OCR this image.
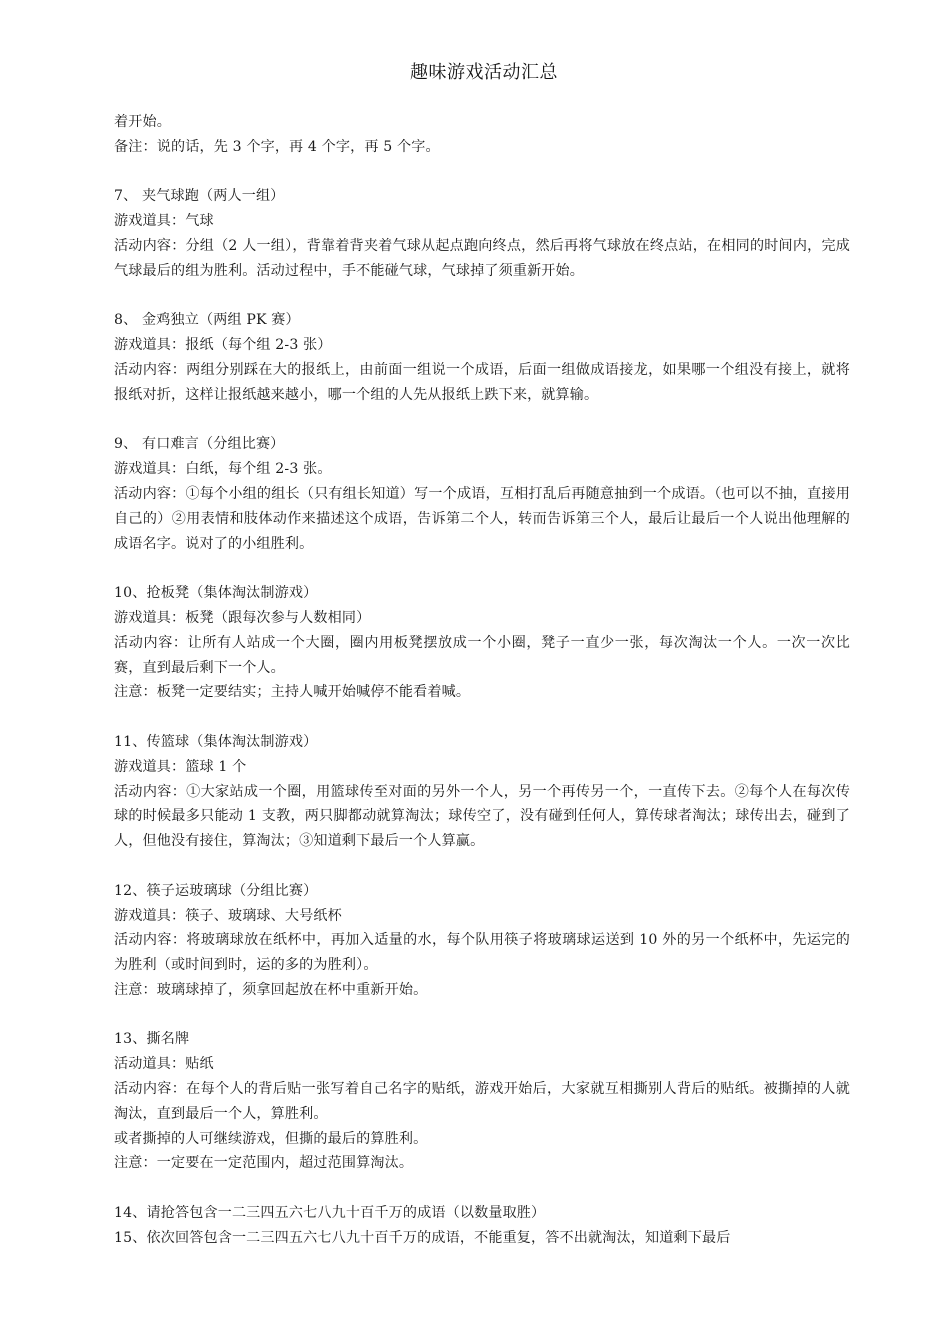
趣味游戏活动汇总
着开始。
备注：说的话，先 3 个字，再 4 个字，再 5 个字。
7、 夹气球跑（两人一组）
游戏道具：气球
活动内容：分组（2 人一组），背靠着背夹着气球从起点跑向终点，然后再将气球放在终点站，在相同的时间内，完成气球最后的组为胜利。活动过程中，手不能碰气球，气球掉了须重新开始。
8、 金鸡独立（两组 PK 赛）
游戏道具：报纸（每个组 2-3 张）
活动内容：两组分别踩在大的报纸上，由前面一组说一个成语，后面一组做成语接龙，如果哪一个组没有接上，就将报纸对折，这样让报纸越来越小，哪一个组的人先从报纸上跌下来，就算输。
9、 有口难言（分组比赛）
游戏道具：白纸，每个组 2-3 张。
活动内容：①每个小组的组长（只有组长知道）写一个成语，互相打乱后再随意抽到一个成语。（也可以不抽，直接用自己的）②用表情和肢体动作来描述这个成语，告诉第二个人，转而告诉第三个人，最后让最后一个人说出他理解的成语名字。说对了的小组胜利。
10、抢板凳（集体淘汰制游戏）
游戏道具：板凳（跟每次参与人数相同）
活动内容：让所有人站成一个大圈，圈内用板凳摆放成一个小圈，凳子一直少一张，每次淘汰一个人。一次一次比赛，直到最后剩下一个人。
注意：板凳一定要结实；主持人喊开始喊停不能看着喊。
11、传篮球（集体淘汰制游戏）
游戏道具：篮球 1 个
活动内容：①大家站成一个圈，用篮球传至对面的另外一个人，另一个再传另一个，一直传下去。②每个人在每次传球的时候最多只能动 1 支教，两只脚都动就算淘汰；球传空了，没有碰到任何人，算传球者淘汰；球传出去，碰到了人，但他没有接住，算淘汰；③知道剩下最后一个人算赢。
12、筷子运玻璃球（分组比赛）
游戏道具：筷子、玻璃球、大号纸杯
活动内容：将玻璃球放在纸杯中，再加入适量的水，每个队用筷子将玻璃球运送到 10 外的另一个纸杯中，先运完的为胜利（或时间到时，运的多的为胜利）。
注意：玻璃球掉了，须拿回起放在杯中重新开始。
13、撕名牌
活动道具：贴纸
活动内容：在每个人的背后贴一张写着自己名字的贴纸，游戏开始后，大家就互相撕别人背后的贴纸。被撕掉的人就淘汰，直到最后一个人，算胜利。
或者撕掉的人可继续游戏，但撕的最后的算胜利。
注意：一定要在一定范围内，超过范围算淘汰。
14、请抢答包含一二三四五六七八九十百千万的成语（以数量取胜）
15、依次回答包含一二三四五六七八九十百千万的成语，不能重复，答不出就淘汰，知道剩下最后
